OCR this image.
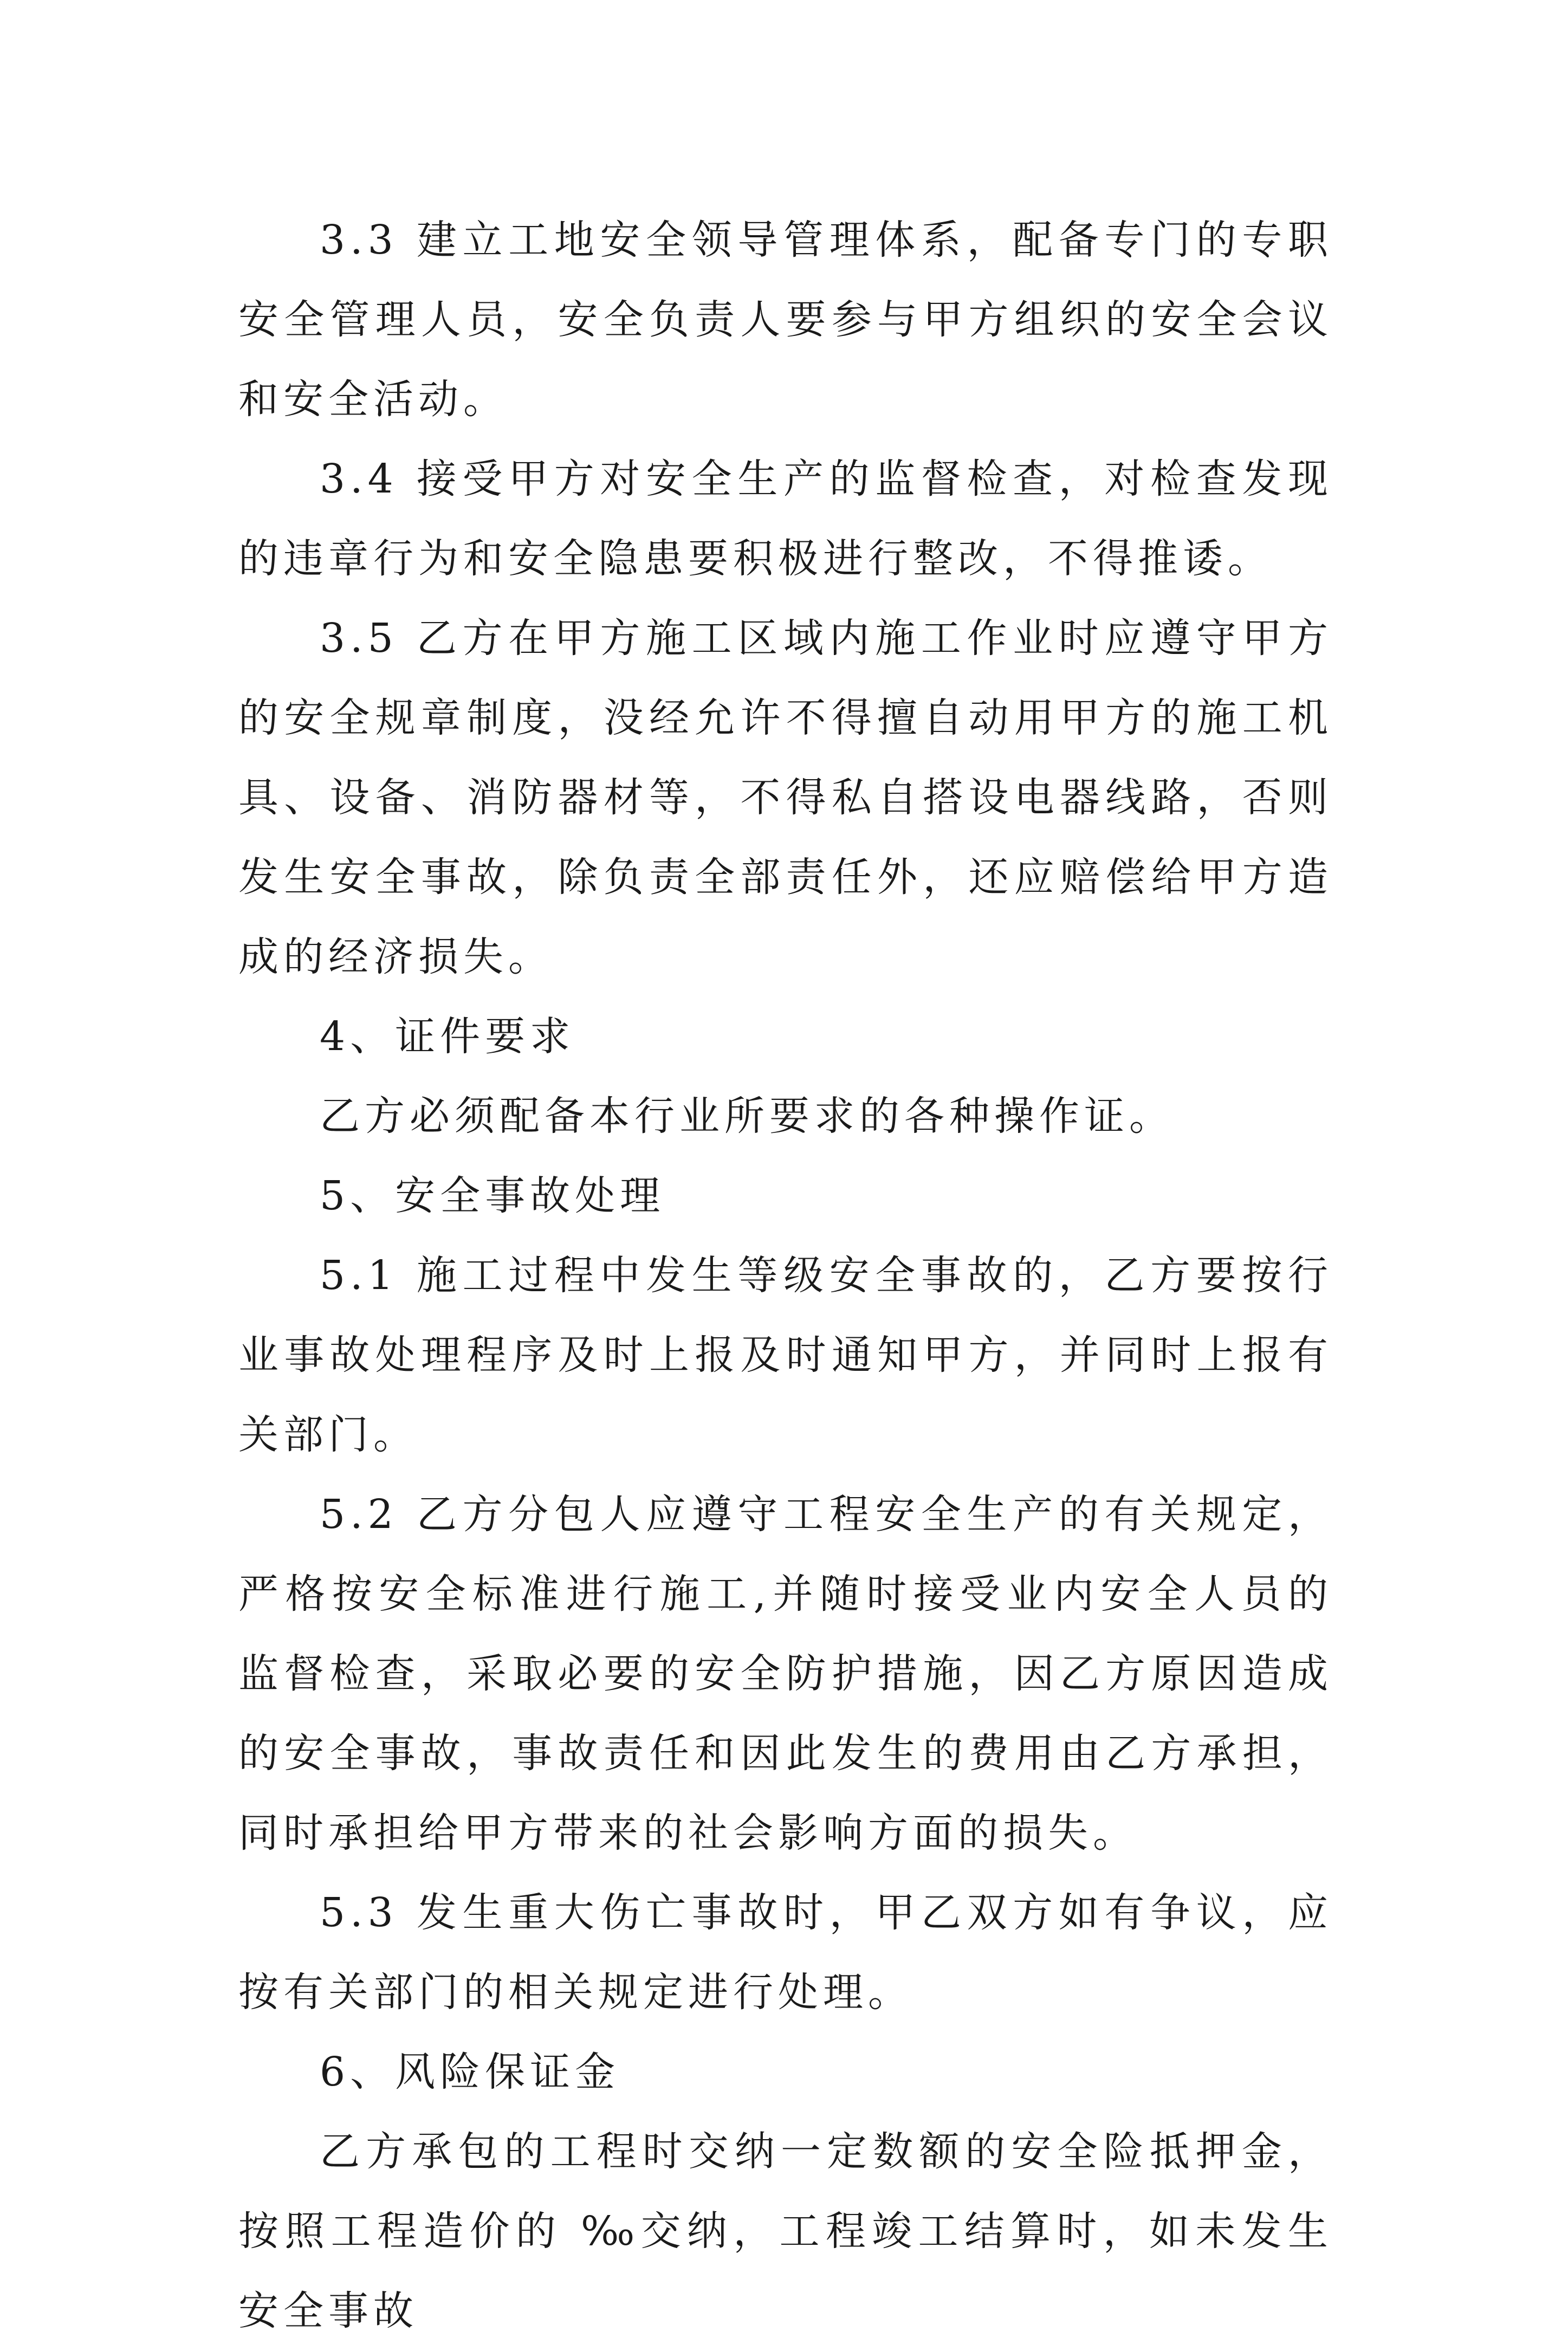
3.3 建立工地安全领导管理体系，配备专门的专职安全管理人员，安全负责人要参与甲方组织的安全会议和安全活动。

3.4 接受甲方对安全生产的监督检查，对检查发现的违章行为和安全隐患要积极进行整改，不得推诿。

3.5 乙方在甲方施工区域内施工作业时应遵守甲方的安全规章制度，没经允许不得擅自动用甲方的施工机具、设备、消防器材等，不得私自搭设电器线路，否则发生安全事故，除负责全部责任外，还应赔偿给甲方造成的经济损失。

4、证件要求

乙方必须配备本行业所要求的各种操作证。

5、安全事故处理

5.1 施工过程中发生等级安全事故的，乙方要按行业事故处理程序及时上报及时通知甲方，并同时上报有关部门。

5.2 乙方分包人应遵守工程安全生产的有关规定，严格按安全标准进行施工,并随时接受业内安全人员的监督检查，采取必要的安全防护措施，因乙方原因造成的安全事故，事故责任和因此发生的费用由乙方承担，同时承担给甲方带来的社会影响方面的损失。

5.3 发生重大伤亡事故时，甲乙双方如有争议，应按有关部门的相关规定进行处理。

6、风险保证金

乙方承包的工程时交纳一定数额的安全险抵押金，按照工程造价的 ‰交纳，工程竣工结算时，如未发生安全事故
